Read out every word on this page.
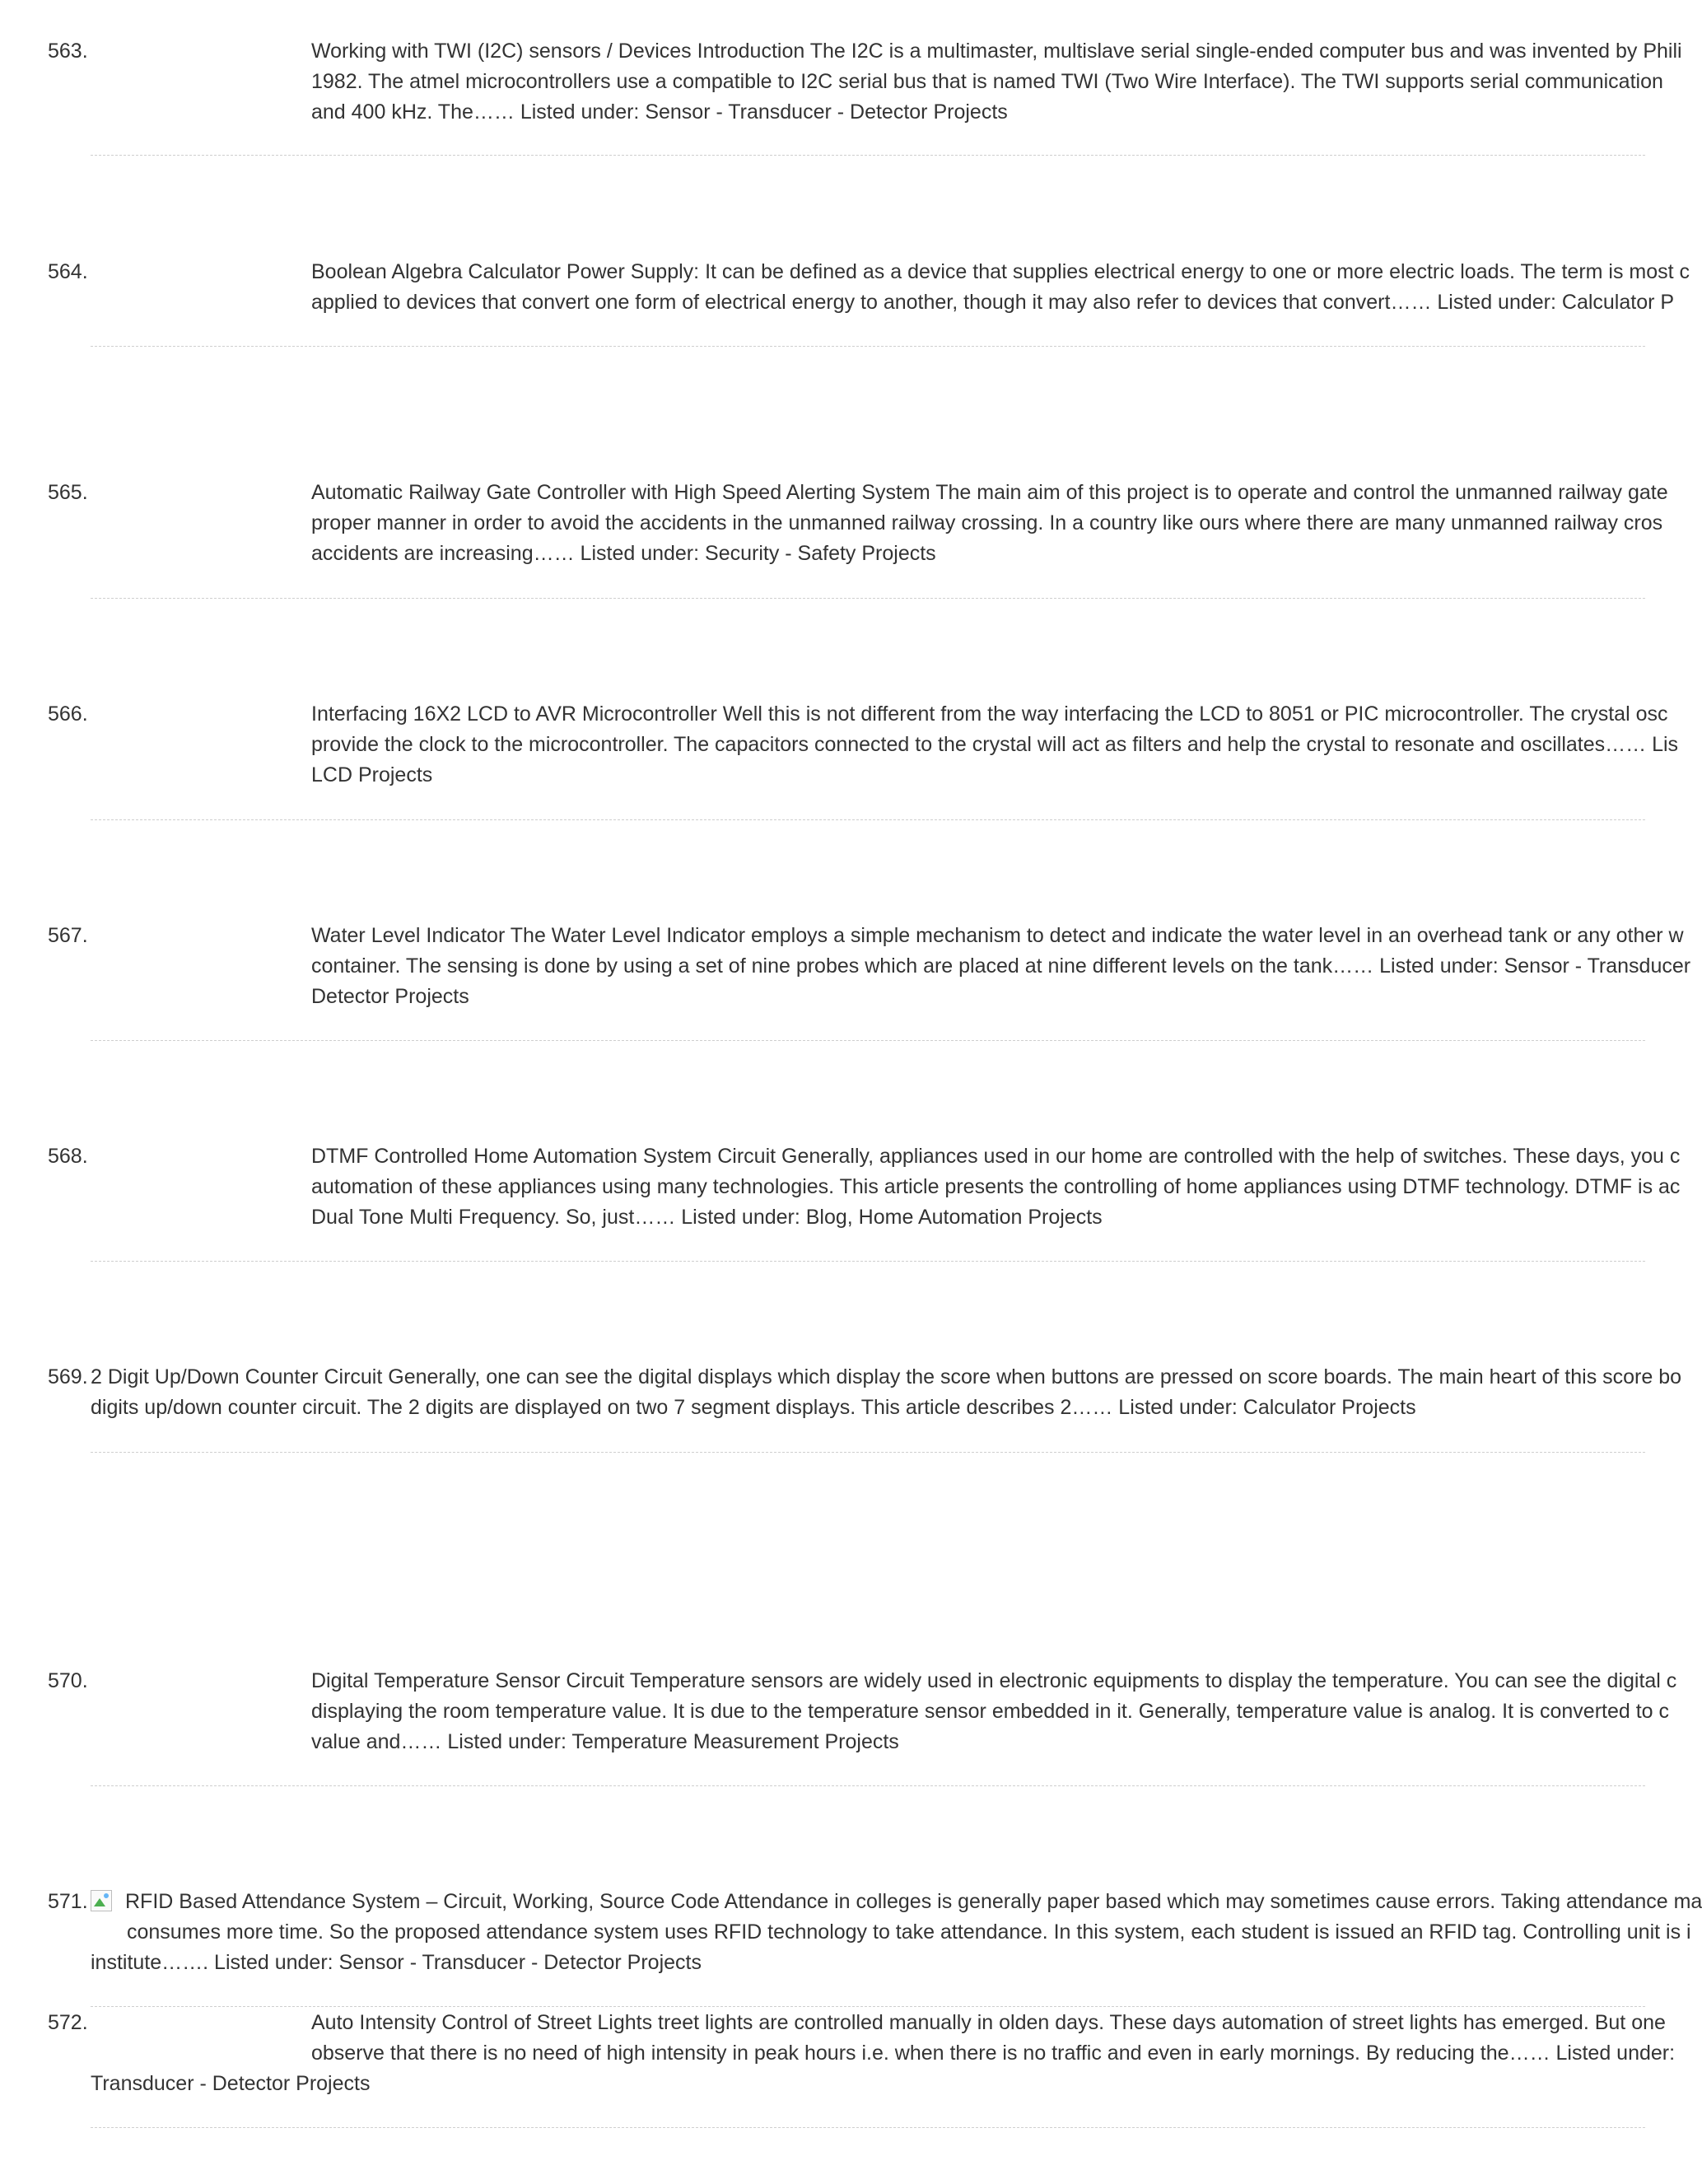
563.	Working with TWI (I2C) sensors / Devices Introduction The I2C is a multimaster, multislave serial single-ended computer bus and was invented by Phili
1982. The atmel microcontrollers use a compatible to I2C serial bus that is named TWI (Two Wire Interface). The TWI supports serial communication
and 400 kHz. The…… Listed under: Sensor - Transducer - Detector Projects
564.	Boolean Algebra Calculator Power Supply: It can be defined as a device that supplies electrical energy to one or more electric loads. The term is most c
applied to devices that convert one form of electrical energy to another, though it may also refer to devices that convert…… Listed under: Calculator P
565.	Automatic Railway Gate Controller with High Speed Alerting System The main aim of this project is to operate and control the unmanned railway gate
proper manner in order to avoid the accidents in the unmanned railway crossing. In a country like ours where there are many unmanned railway cros
accidents are increasing…… Listed under: Security - Safety Projects
566.	Interfacing 16X2 LCD to AVR Microcontroller Well this is not different from the way interfacing the LCD to 8051 or PIC microcontroller. The crystal osc
provide the clock to the microcontroller. The capacitors connected to the crystal will act as filters and help the crystal to resonate and oscillates…… Lis
LCD Projects
567.	Water Level Indicator The Water Level Indicator employs a simple mechanism to detect and indicate the water level in an overhead tank or any other w
container. The sensing is done by using a set of nine probes which are placed at nine different levels on the tank…… Listed under: Sensor - Transducer
Detector Projects
568.	DTMF Controlled Home Automation System Circuit Generally, appliances used in our home are controlled with the help of switches. These days, you c
automation of these appliances using many technologies. This article presents the controlling of home appliances using DTMF technology. DTMF is ac
Dual Tone Multi Frequency. So, just…… Listed under: Blog, Home Automation Projects
569. 2 Digit Up/Down Counter Circuit Generally, one can see the digital displays which display the score when buttons are pressed on score boards. The main heart of this score bo
digits up/down counter circuit. The 2 digits are displayed on two 7 segment displays. This article describes 2…… Listed under: Calculator Projects
570.	Digital Temperature Sensor Circuit Temperature sensors are widely used in electronic equipments to display the temperature. You can see the digital c
displaying the room temperature value. It is due to the temperature sensor embedded in it. Generally, temperature value is analog. It is converted to c
value and…… Listed under: Temperature Measurement Projects
571.	RFID Based Attendance System – Circuit, Working, Source Code Attendance in colleges is generally paper based which may sometimes cause errors. Taking attendance ma
consumes more time. So the proposed attendance system uses RFID technology to take attendance. In this system, each student is issued an RFID tag. Controlling unit is i
institute……. Listed under: Sensor - Transducer - Detector Projects
572.	Auto Intensity Control of Street Lights treet lights are controlled manually in olden days. These days automation of street lights has emerged. But one
observe that there is no need of high intensity in peak hours i.e. when there is no traffic and even in early mornings. By reducing the…… Listed under:
Transducer - Detector Projects
